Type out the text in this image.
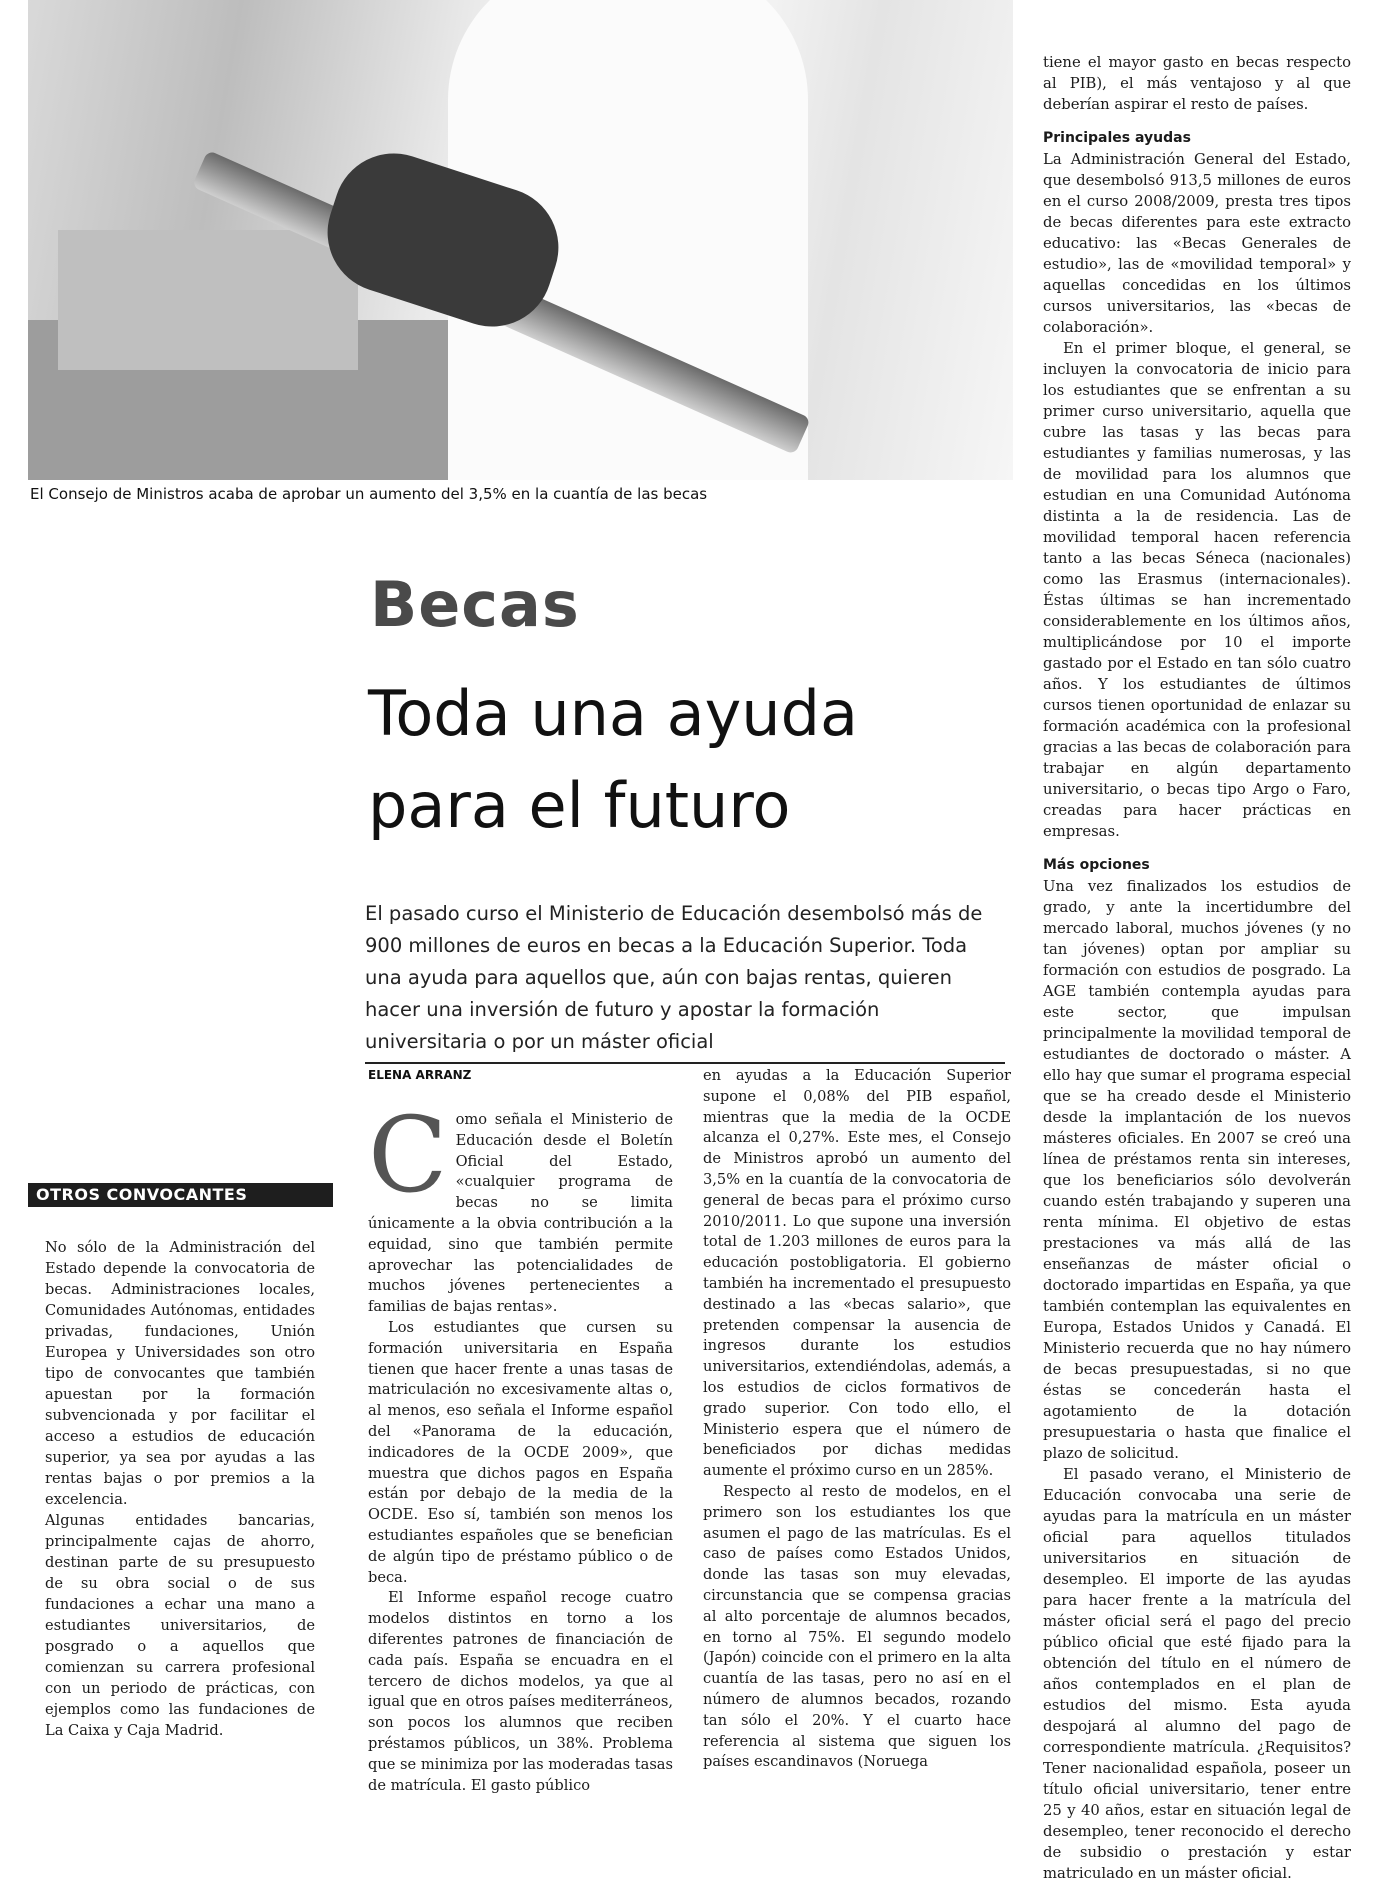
El Consejo de Ministros acaba de aprobar un aumento del 3,5% en la cuantía de las becas
Becas
Toda una ayuda para el futuro
El pasado curso el Ministerio de Educación desembolsó más de 900 millones de euros en becas a la Educación Superior. Toda una ayuda para aquellos que, aún con bajas rentas, quieren hacer una inversión de futuro y apostar la formación universitaria o por un máster oficial
ELENA ARRANZ

Como señala el Ministerio de Educación desde el Boletín Oficial del Estado, «cualquier programa de becas no se limita únicamente a la obvia contribución a la equidad, sino que también permite aprovechar las potencialidades de muchos jóvenes pertenecientes a familias de bajas rentas».

Los estudiantes que cursen su formación universitaria en España tienen que hacer frente a unas tasas de matriculación no excesivamente altas o, al menos, eso señala el Informe español del «Panorama de la educación, indicadores de la OCDE 2009», que muestra que dichos pagos en España están por debajo de la media de la OCDE. Eso sí, también son menos los estudiantes españoles que se benefician de algún tipo de préstamo público o de beca.

El Informe español recoge cuatro modelos distintos en torno a los diferentes patrones de financiación de cada país. España se encuadra en el tercero de dichos modelos, ya que al igual que en otros países mediterráneos, son pocos los alumnos que reciben préstamos públicos, un 38%. Problema que se minimiza por las moderadas tasas de matrícula. El gasto público

en ayudas a la Educación Superior supone el 0,08% del PIB español, mientras que la media de la OCDE alcanza el 0,27%. Este mes, el Consejo de Ministros aprobó un aumento del 3,5% en la cuantía de la convocatoria de general de becas para el próximo curso 2010/2011. Lo que supone una inversión total de 1.203 millones de euros para la educación postobligatoria. El gobierno también ha incrementado el presupuesto destinado a las «becas salario», que pretenden compensar la ausencia de ingresos durante los estudios universitarios, extendiéndolas, además, a los estudios de ciclos formativos de grado superior. Con todo ello, el Ministerio espera que el número de beneficiados por dichas medidas aumente el próximo curso en un 285%.

Respecto al resto de modelos, en el primero son los estudiantes los que asumen el pago de las matrículas. Es el caso de países como Estados Unidos, donde las tasas son muy elevadas, circunstancia que se compensa gracias al alto porcentaje de alumnos becados, en torno al 75%. El segundo modelo (Japón) coincide con el primero en la alta cuantía de las tasas, pero no así en el número de alumnos becados, rozando tan sólo el 20%. Y el cuarto hace referencia al sistema que siguen los países escandinavos (Noruega

tiene el mayor gasto en becas respecto al PIB), el más ventajoso y al que deberían aspirar el resto de países.

Principales ayudas

La Administración General del Estado, que desembolsó 913,5 millones de euros en el curso 2008/2009, presta tres tipos de becas diferentes para este extracto educativo: las «Becas Generales de estudio», las de «movilidad temporal» y aquellas concedidas en los últimos cursos universitarios, las «becas de colaboración».

En el primer bloque, el general, se incluyen la convocatoria de inicio para los estudiantes que se enfrentan a su primer curso universitario, aquella que cubre las tasas y las becas para estudiantes y familias numerosas, y las de movilidad para los alumnos que estudian en una Comunidad Autónoma distinta a la de residencia. Las de movilidad temporal hacen referencia tanto a las becas Séneca (nacionales) como las Erasmus (internacionales). Éstas últimas se han incrementado considerablemente en los últimos años, multiplicándose por 10 el importe gastado por el Estado en tan sólo cuatro años. Y los estudiantes de últimos cursos tienen oportunidad de enlazar su formación académica con la profesional gracias a las becas de colaboración para trabajar en algún departamento universitario, o becas tipo Argo o Faro, creadas para hacer prácticas en empresas.

Más opciones

Una vez finalizados los estudios de grado, y ante la incertidumbre del mercado laboral, muchos jóvenes (y no tan jóvenes) optan por ampliar su formación con estudios de posgrado. La AGE también contempla ayudas para este sector, que impulsan principalmente la movilidad temporal de estudiantes de doctorado o máster. A ello hay que sumar el programa especial que se ha creado desde el Ministerio desde la implantación de los nuevos másteres oficiales. En 2007 se creó una línea de préstamos renta sin intereses, que los beneficiarios sólo devolverán cuando estén trabajando y superen una renta mínima. El objetivo de estas prestaciones va más allá de las enseñanzas de máster oficial o doctorado impartidas en España, ya que también contemplan las equivalentes en Europa, Estados Unidos y Canadá. El Ministerio recuerda que no hay número de becas presupuestadas, si no que éstas se concederán hasta el agotamiento de la dotación presupuestaria o hasta que finalice el plazo de solicitud.

El pasado verano, el Ministerio de Educación convocaba una serie de ayudas para la matrícula en un máster oficial para aquellos titulados universitarios en situación de desempleo. El importe de las ayudas para hacer frente a la matrícula del máster oficial será el pago del precio público oficial que esté fijado para la obtención del título en el número de años contemplados en el plan de estudios del mismo. Esta ayuda despojará al alumno del pago de correspondiente matrícula. ¿Requisitos? Tener nacionalidad española, poseer un título oficial universitario, tener entre 25 y 40 años, estar en situación legal de desempleo, tener reconocido el derecho de subsidio o prestación y estar matriculado en un máster oficial.

OTROS CONVOCANTES

No sólo de la Administración del Estado depende la convocatoria de becas. Administraciones locales, Comunidades Autónomas, entidades privadas, fundaciones, Unión Europea y Universidades son otro tipo de convocantes que también apuestan por la formación subvencionada y por facilitar el acceso a estudios de educación superior, ya sea por ayudas a las rentas bajas o por premios a la excelencia.

Algunas entidades bancarias, principalmente cajas de ahorro, destinan parte de su presupuesto de su obra social o de sus fundaciones a echar una mano a estudiantes universitarios, de posgrado o a aquellos que comienzan su carrera profesional con un periodo de prácticas, con ejemplos como las fundaciones de La Caixa y Caja Madrid.
